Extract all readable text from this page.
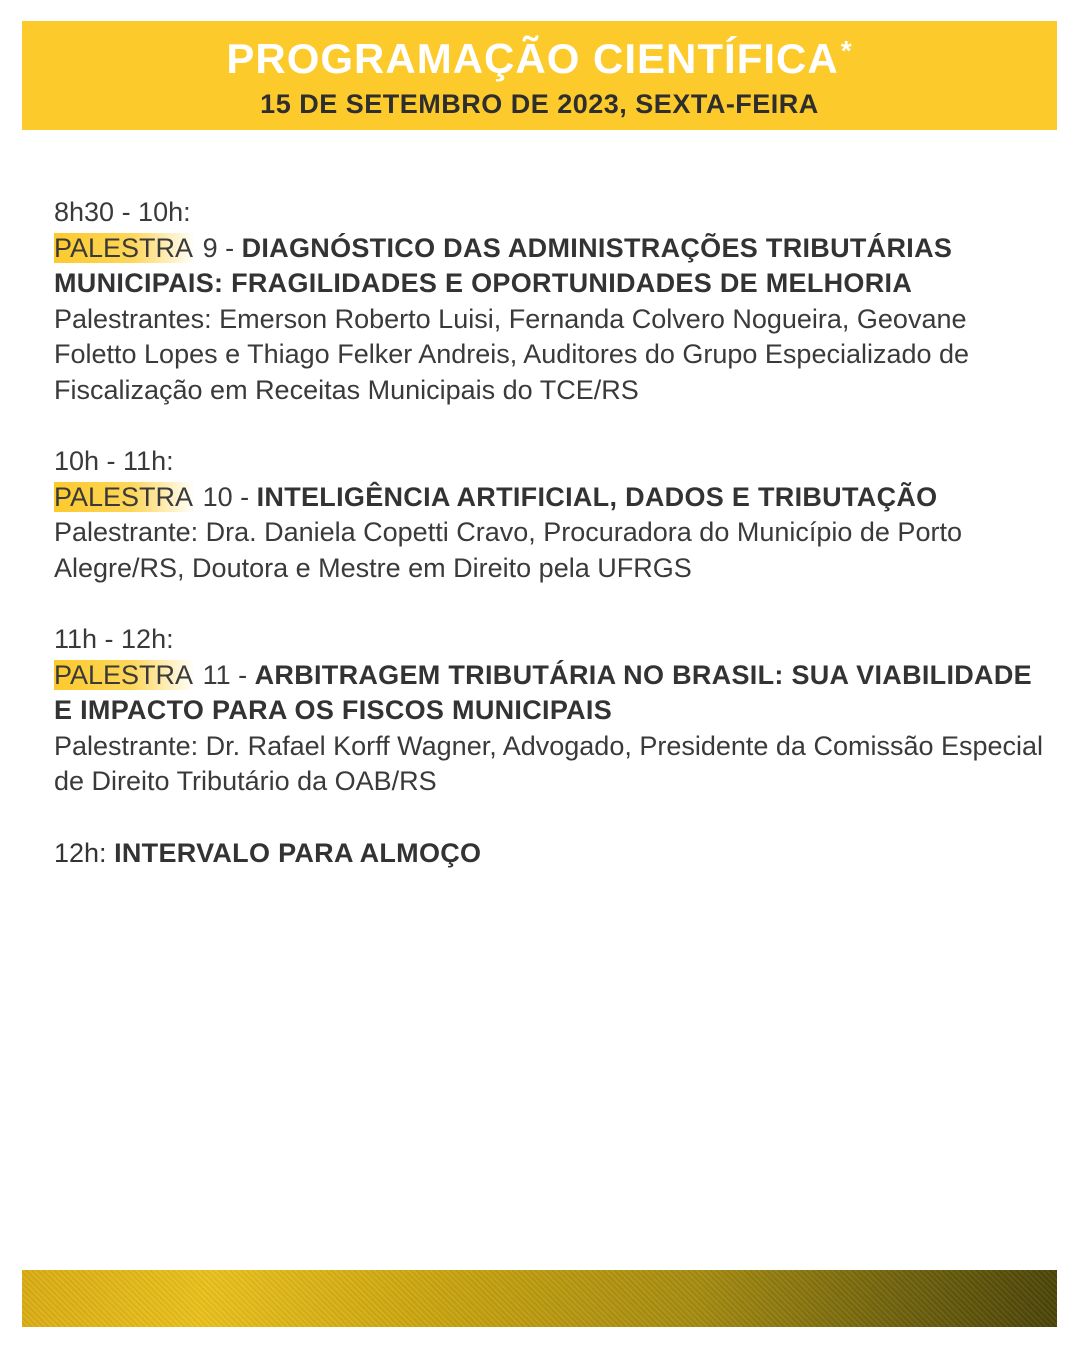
PROGRAMAÇÃO CIENTÍFICA*
15 DE SETEMBRO DE 2023, SEXTA-FEIRA
8h30 - 10h:
PALESTRA 9 - DIAGNÓSTICO DAS ADMINISTRAÇÕES TRIBUTÁRIAS MUNICIPAIS: FRAGILIDADES E OPORTUNIDADES DE MELHORIA
Palestrantes: Emerson Roberto Luisi, Fernanda Colvero Nogueira, Geovane Foletto Lopes e Thiago Felker Andreis, Auditores do Grupo Especializado de Fiscalização em Receitas Municipais do TCE/RS
10h - 11h:
PALESTRA 10 - INTELIGÊNCIA ARTIFICIAL, DADOS E TRIBUTAÇÃO
Palestrante: Dra. Daniela Copetti Cravo, Procuradora do Município de Porto Alegre/RS, Doutora e Mestre em Direito pela UFRGS
11h - 12h:
PALESTRA 11 - ARBITRAGEM TRIBUTÁRIA NO BRASIL: SUA VIABILIDADE E IMPACTO PARA OS FISCOS MUNICIPAIS
Palestrante: Dr. Rafael Korff Wagner, Advogado, Presidente da Comissão Especial de Direito Tributário da OAB/RS
12h: INTERVALO PARA ALMOÇO
